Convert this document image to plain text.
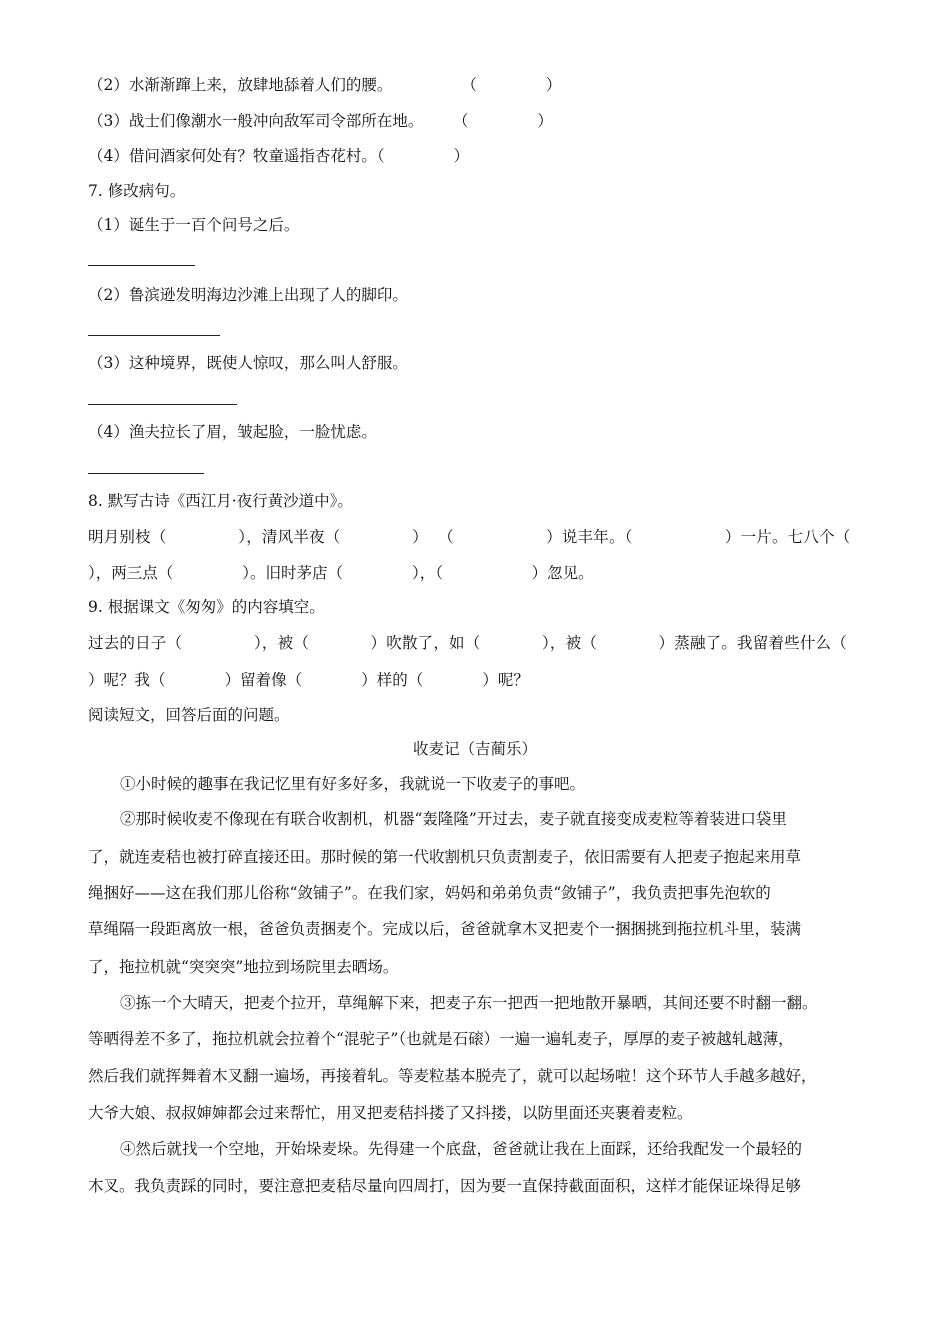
（2）水渐渐蹿上来，放肆地舔着人们的腰。              （              ）
（3）战士们像潮水一般冲向敌军司令部所在地。      （              ）
（4）借问酒家何处有？牧童遥指杏花村。（              ）
7. 修改病句。
（1）诞生于一百个问号之后。
（2）鲁滨逊发明海边沙滩上出现了人的脚印。
（3）这种境界，既使人惊叹，那么叫人舒服。
（4）渔夫拉长了眉，皱起脸，一脸忧虑。
8. 默写古诗《西江月·夜行黄沙道中》。
明月别枝（              ），清风半夜（              ）  （                  ）说丰年。（                  ）一片。七八个（
），两三点（              ）。旧时茅店（              ），（                  ）忽见。
9. 根据课文《匆匆》的内容填空。
过去的日子（              ），被（            ）吹散了，如（            ），被（            ）蒸融了。我留着些什么（
）呢？我（            ）留着像（            ）样的（            ）呢？
阅读短文，回答后面的问题。
收麦记（吉蔺乐）
①小时候的趣事在我记忆里有好多好多，我就说一下收麦子的事吧。
②那时候收麦不像现在有联合收割机，机器“轰隆隆”开过去，麦子就直接变成麦粒等着装进口袋里
了，就连麦秸也被打碎直接还田。那时候的第一代收割机只负责割麦子，依旧需要有人把麦子抱起来用草
绳捆好——这在我们那儿俗称“敛铺子”。在我们家，妈妈和弟弟负责“敛铺子”，我负责把事先泡软的
草绳隔一段距离放一根，爸爸负责捆麦个。完成以后，爸爸就拿木叉把麦个一捆捆挑到拖拉机斗里，装满
了，拖拉机就“突突突”地拉到场院里去晒场。
③拣一个大晴天，把麦个拉开，草绳解下来，把麦子东一把西一把地散开暴晒，其间还要不时翻一翻。
等晒得差不多了，拖拉机就会拉着个“混驼子”（也就是石磙）一遍一遍轧麦子，厚厚的麦子被越轧越薄，
然后我们就挥舞着木叉翻一遍场，再接着轧。等麦粒基本脱壳了，就可以起场啦！这个环节人手越多越好，
大爷大娘、叔叔婶婶都会过来帮忙，用叉把麦秸抖搂了又抖搂，以防里面还夹裹着麦粒。
④然后就找一个空地，开始垛麦垛。先得建一个底盘，爸爸就让我在上面踩，还给我配发一个最轻的
木叉。我负责踩的同时，要注意把麦秸尽量向四周打，因为要一直保持截面面积，这样才能保证垛得足够
